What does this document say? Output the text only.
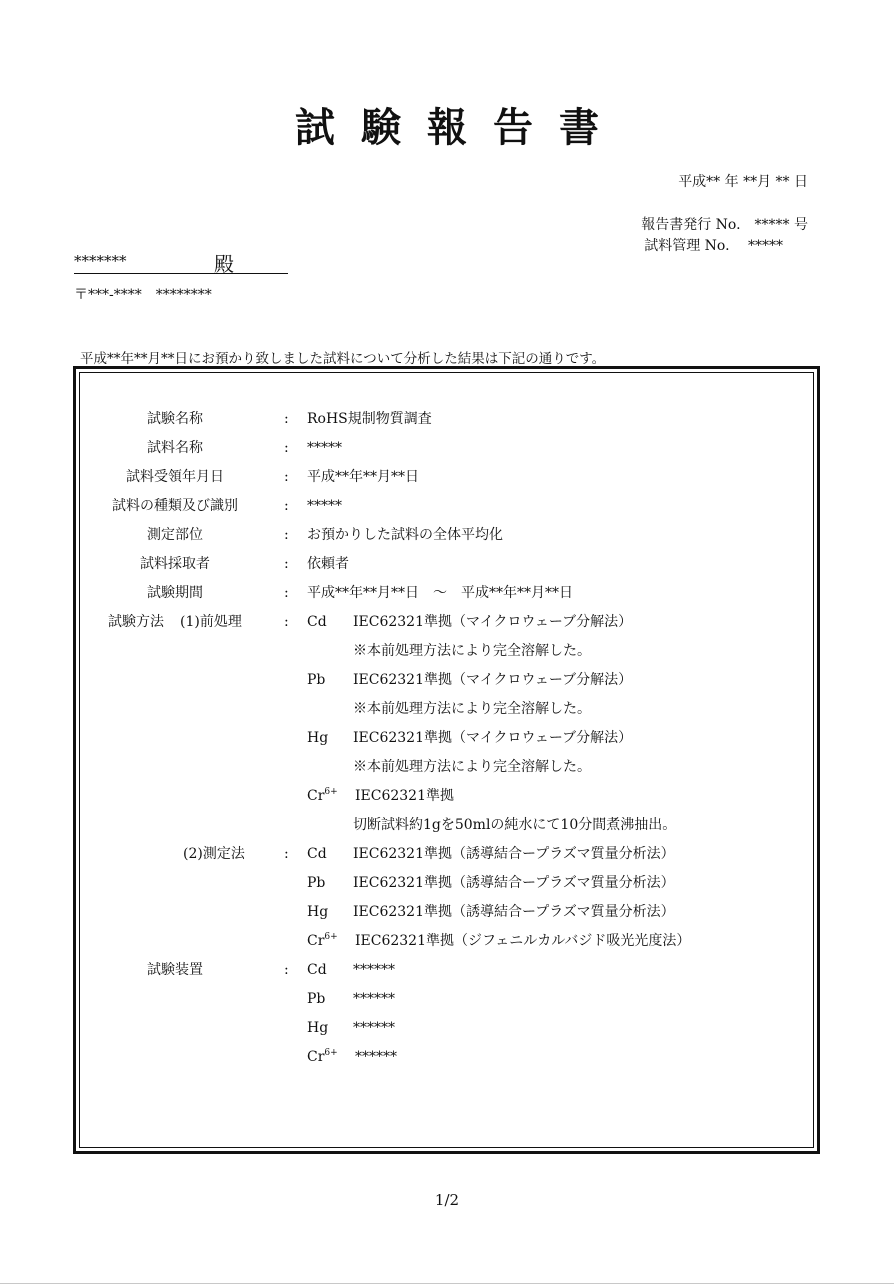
試験報告書
平成** 年 **月 ** 日
報告書発行 No.　***** 号
試料管理 No.　 *****
*******	殿
〒***-****　********
平成**年**月**日にお預かり致しました試料について分析した結果は下記の通りです。
試験名称	: RoHS規制物質調査
試料名称	: *****
試料受領年月日	: 平成**年**月**日
試料の種類及び識別	: *****
測定部位	: お預かりした試料の全体平均化
試料採取者	: 依頼者
試験期間	: 平成**年**月**日　～　平成**年**月**日
試験方法 (1)前処理	: Cd IEC62321準拠（マイクロウェーブ分解法）
※本前処理方法により完全溶解した。
Pb IEC62321準拠（マイクロウェーブ分解法）
※本前処理方法により完全溶解した。
Hg IEC62321準拠（マイクロウェーブ分解法）
※本前処理方法により完全溶解した。
$Cr^{6+}$ IEC62321準拠
切断試料約1gを50mlの純水にて10分間煮沸抽出。
(2)測定法	: Cd IEC62321準拠（誘導結合ープラズマ質量分析法）
Pb IEC62321準拠（誘導結合ープラズマ質量分析法）
Hg IEC62321準拠（誘導結合ープラズマ質量分析法）
$Cr^{6+}$ IEC62321準拠（ジフェニルカルバジド吸光光度法）
試験装置	: Cd ******
Pb ******
Hg ******
$Cr^{6+}$ ******
1/2
